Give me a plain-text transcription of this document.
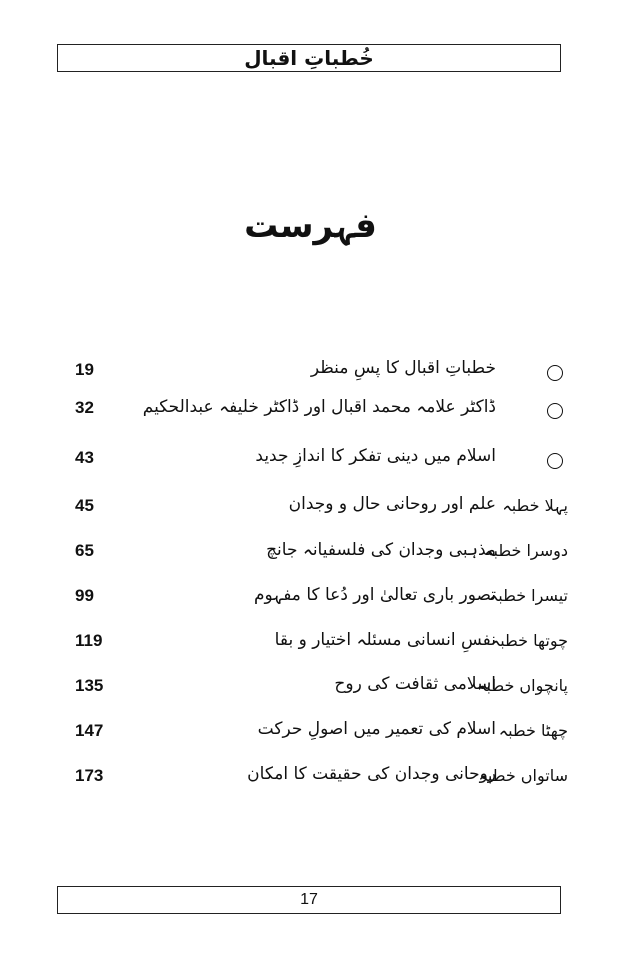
خُطباتِ اقبال
فہرست
خطباتِ اقبال کا پسِ منظر
19
ڈاکٹر علامہ محمد اقبال اور ڈاکٹر خلیفہ عبدالحکیم
32
اسلام میں دینی تفکر کا اندازِ جدید
43
پہلا خطبہ
علم اور روحانی حال و وجدان
45
دوسرا خطبہ
مذہبی وجدان کی فلسفیانہ جانچ
65
تیسرا خطبہ
تصور باری تعالیٰ اور دُعا کا مفہوم
99
چوتھا خطبہ
نفسِ انسانی مسئلہ اختیار و بقا
119
پانچواں خطبہ
اسلامی ثقافت کی روح
135
چھٹا خطبہ
اسلام کی تعمیر میں اصولِ حرکت
147
ساتواں خطبہ
روحانی وجدان کی حقیقت کا امکان
173
17
